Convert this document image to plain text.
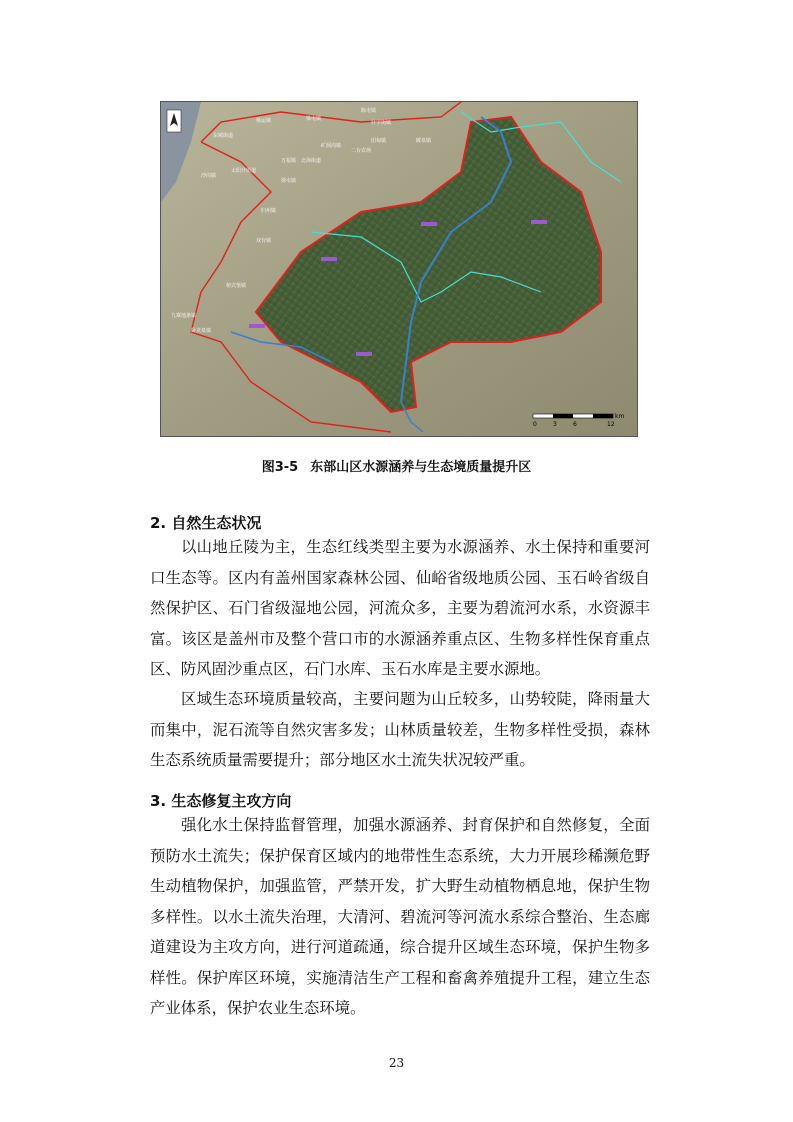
东城街道
太阳升街道
沙岗镇
九寨地条镇
杨运镇	梁屯镇
陈屯镇
团甸镇
双台镇
榜式堡镇
万福镇
矿洞沟镇
什字街镇
卧龙泉镇
暖泉镇
二台农场
徐屯镇
归州镇
北海街道
0	3	6	12
km
图3-5 东部山区水源涵养与生态境质量提升区
2. 自然生态状况

以山地丘陵为主，生态红线类型主要为水源涵养、水土保持和重要河口生态等。区内有盖州国家森林公园、仙峪省级地质公园、玉石岭省级自然保护区、石门省级湿地公园，河流众多，主要为碧流河水系，水资源丰富。该区是盖州市及整个营口市的水源涵养重点区、生物多样性保育重点区、防风固沙重点区，石门水库、玉石水库是主要水源地。

区域生态环境质量较高，主要问题为山丘较多，山势较陡，降雨量大而集中，泥石流等自然灾害多发；山林质量较差，生物多样性受损，森林生态系统质量需要提升；部分地区水土流失状况较严重。

3. 生态修复主攻方向

强化水土保持监督管理，加强水源涵养、封育保护和自然修复，全面预防水土流失；保护保育区域内的地带性生态系统，大力开展珍稀濒危野生动植物保护，加强监管，严禁开发，扩大野生动植物栖息地，保护生物多样性。以水土流失治理，大清河、碧流河等河流水系综合整治、生态廊道建设为主攻方向，进行河道疏通，综合提升区域生态环境，保护生物多样性。保护库区环境，实施清洁生产工程和畜禽养殖提升工程，建立生态产业体系，保护农业生态环境。

23
